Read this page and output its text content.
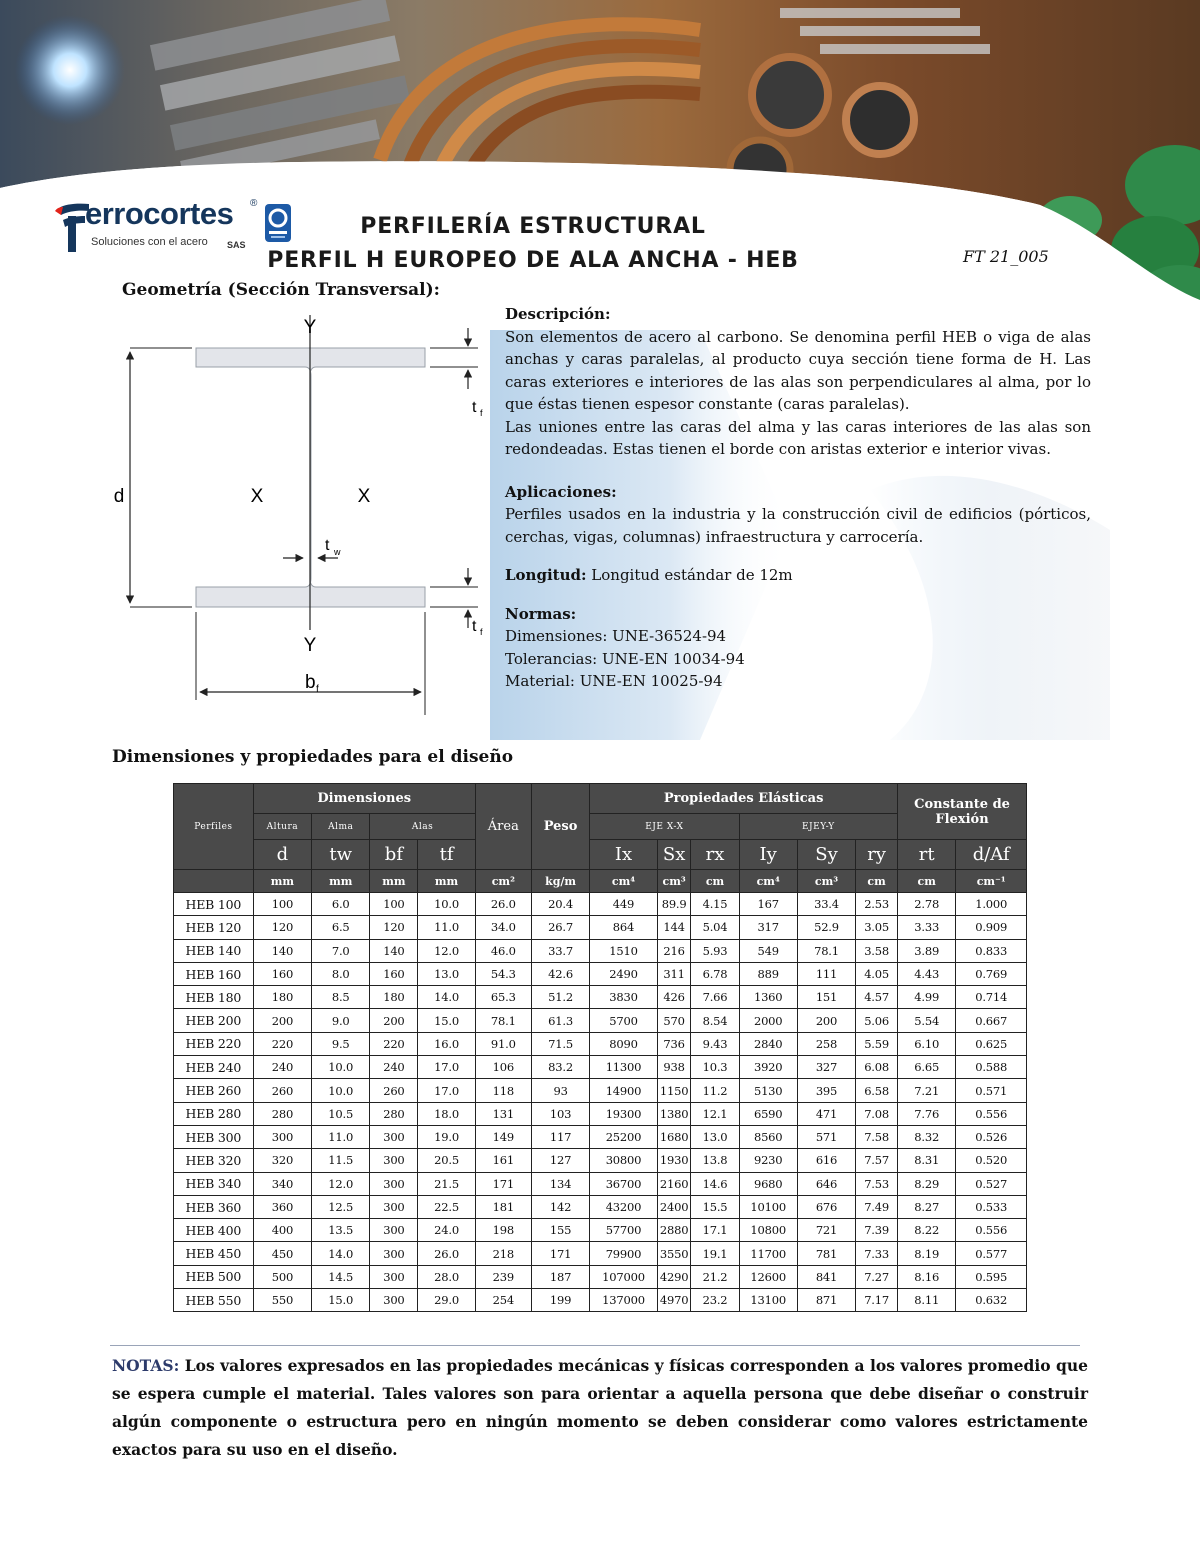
errocortes ®
Soluciones con el acero SAS
PERFILERÍA ESTRUCTURAL
PERFIL H EUROPEO DE ALA ANCHA - HEB	FT 21_005
Geometría (Sección Transversal):
Y
Y
X	X
d
t w
t f
t f
b f
Descripción:

Son elementos de acero al carbono. Se denomina perfil HEB o viga de alas anchas y caras paralelas, al producto cuya sección tiene forma de H. Las caras exteriores e interiores de las alas son perpendiculares al alma, por lo que éstas tienen espesor constante (caras paralelas).

Las uniones entre las caras del alma y las caras interiores de las alas son redondeadas. Estas tienen el borde con aristas exterior e interior vivas.

Aplicaciones:

Perfiles usados en la industria y la construcción civil de edificios (pórticos, cerchas, vigas, columnas) infraestructura y carrocería.

Longitud: Longitud estándar de 12m
Normas:
Dimensiones: UNE-36524-94
Tolerancias: UNE-EN 10034-94
Material: UNE-EN 10025-94
Dimensiones y propiedades para el diseño
Perfiles	Dimensiones				Área	Peso	Propiedades Elásticas						Constante de Flexión	
	Altura	Alma	Alas				EJE X-X			EJEY-Y				
	d	tw	bf	tf			Ix	Sx	rx	Iy	Sy	ry	rt	d/Af
	mm	mm	mm	mm	cm²	kg/m	cm⁴	cm³	cm	cm⁴	cm³	cm	cm	cm⁻¹
HEB 100	100	6.0	100	10.0	26.0	20.4	449	89.9	4.15	167	33.4	2.53	2.78	1.000
HEB 120	120	6.5	120	11.0	34.0	26.7	864	144	5.04	317	52.9	3.05	3.33	0.909
HEB 140	140	7.0	140	12.0	46.0	33.7	1510	216	5.93	549	78.1	3.58	3.89	0.833
HEB 160	160	8.0	160	13.0	54.3	42.6	2490	311	6.78	889	111	4.05	4.43	0.769
HEB 180	180	8.5	180	14.0	65.3	51.2	3830	426	7.66	1360	151	4.57	4.99	0.714
HEB 200	200	9.0	200	15.0	78.1	61.3	5700	570	8.54	2000	200	5.06	5.54	0.667
HEB 220	220	9.5	220	16.0	91.0	71.5	8090	736	9.43	2840	258	5.59	6.10	0.625
HEB 240	240	10.0	240	17.0	106	83.2	11300	938	10.3	3920	327	6.08	6.65	0.588
HEB 260	260	10.0	260	17.0	118	93	14900	1150	11.2	5130	395	6.58	7.21	0.571
HEB 280	280	10.5	280	18.0	131	103	19300	1380	12.1	6590	471	7.08	7.76	0.556
HEB 300	300	11.0	300	19.0	149	117	25200	1680	13.0	8560	571	7.58	8.32	0.526
HEB 320	320	11.5	300	20.5	161	127	30800	1930	13.8	9230	616	7.57	8.31	0.520
HEB 340	340	12.0	300	21.5	171	134	36700	2160	14.6	9680	646	7.53	8.29	0.527
HEB 360	360	12.5	300	22.5	181	142	43200	2400	15.5	10100	676	7.49	8.27	0.533
HEB 400	400	13.5	300	24.0	198	155	57700	2880	17.1	10800	721	7.39	8.22	0.556
HEB 450	450	14.0	300	26.0	218	171	79900	3550	19.1	11700	781	7.33	8.19	0.577
HEB 500	500	14.5	300	28.0	239	187	107000	4290	21.2	12600	841	7.27	8.16	0.595
HEB 550	550	15.0	300	29.0	254	199	137000	4970	23.2	13100	871	7.17	8.11	0.632
NOTAS: Los valores expresados en las propiedades mecánicas y físicas corresponden a los valores promedio que se espera cumple el material. Tales valores son para orientar a aquella persona que debe diseñar o construir algún componente o estructura pero en ningún momento se deben considerar como valores estrictamente exactos para su uso en el diseño.
